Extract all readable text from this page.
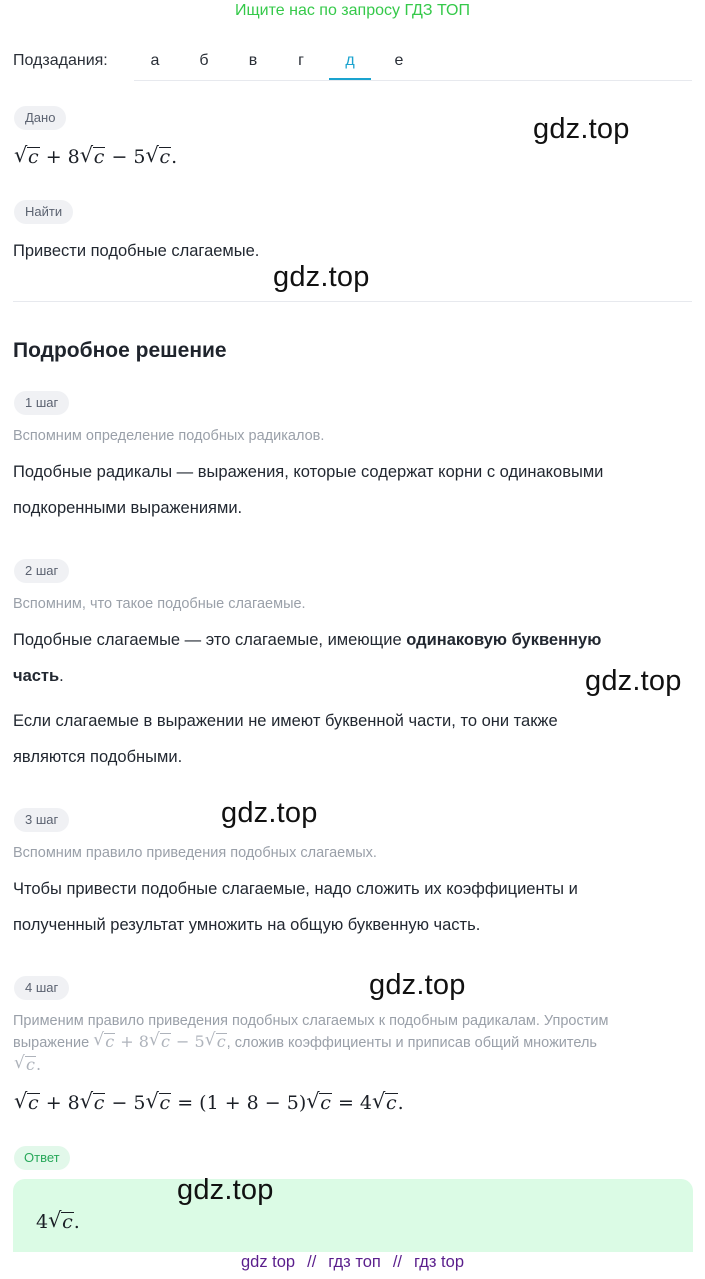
Ищите нас по запросу ГДЗ ТОП
Подзадания:	а	б	в	г	д	е
Дано
√ c + 8 √ c − 5 √ c.
Найти
Привести подобные слагаемые.
Подробное решение
1 шаг
Вспомним определение подобных радикалов.
Подобные радикалы — выражения, которые содержат корни с одинаковыми
подкоренными выражениями.
2 шаг
Вспомним, что такое подобные слагаемые.
Подобные слагаемые — это слагаемые, имеющие одинаковую буквенную
часть.
Если слагаемые в выражении не имеют буквенной части, то они также
являются подобными.
3 шаг
Вспомним правило приведения подобных слагаемых.
Чтобы привести подобные слагаемые, надо сложить их коэффициенты и
полученный результат умножить на общую буквенную часть.
4 шаг
Применим правило приведения подобных слагаемых к подобным радикалам. Упростим
выражение √ c + 8 √ c − 5 √ c, сложив коэффициенты и приписав общий множитель
√ c.
√ c + 8 √ c − 5 √ c = (1 + 8 − 5) √ c = 4 √ c.
Ответ
4 √ c.
gdz.top
gdz.top
gdz.top
gdz.top
gdz.top
gdz.top
gdz top // гдз топ // гдз top
